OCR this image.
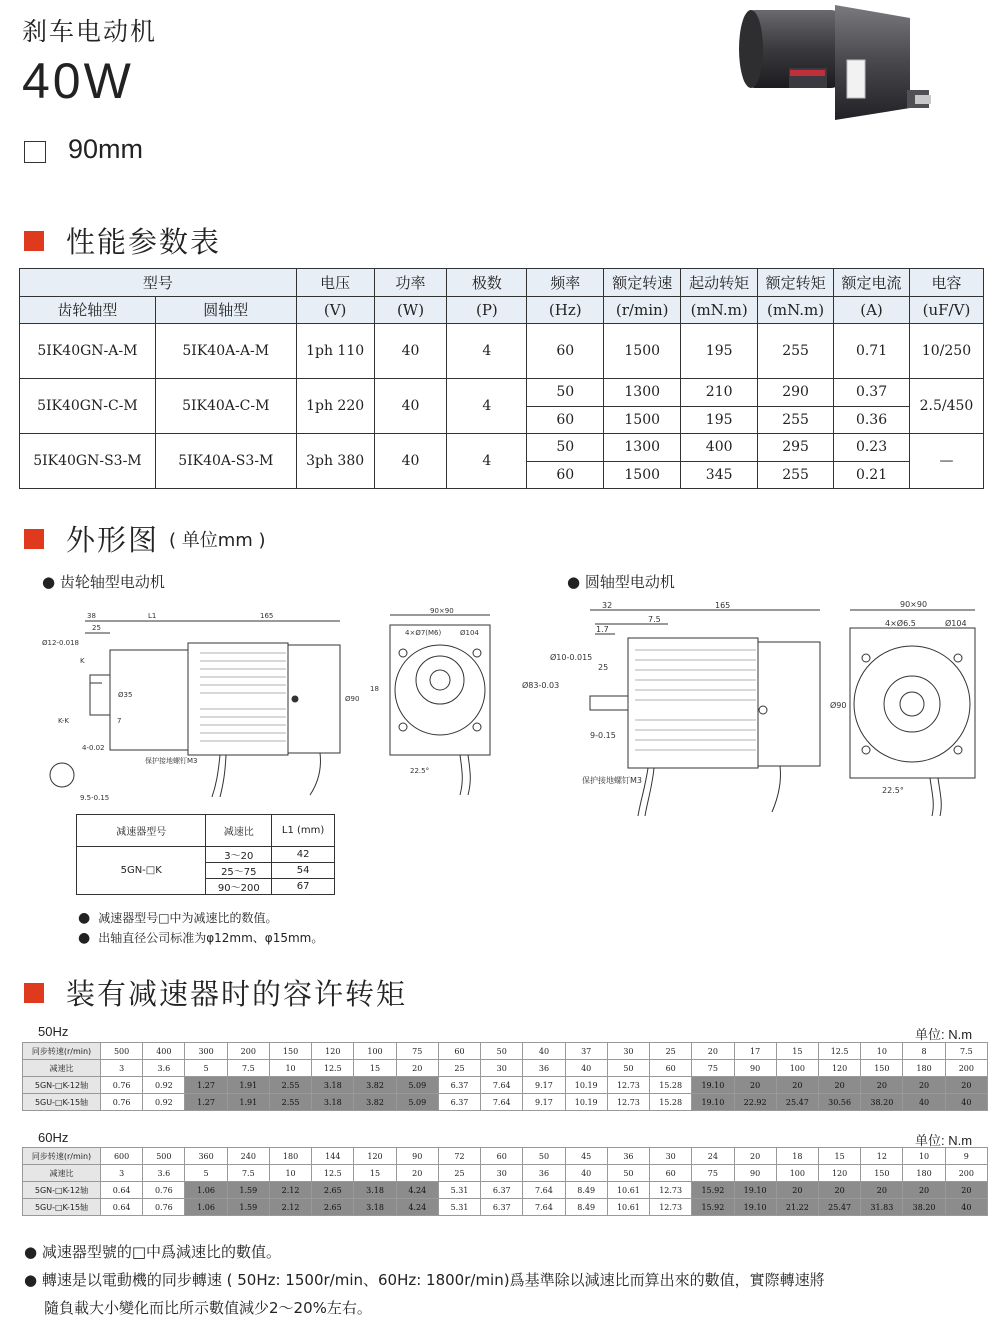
刹车电动机
40W
90mm
性能参数表
型号		电压	功率	极数	频率	额定转速	起动转矩	额定转矩	额定电流	电容
齿轮轴型	圆轴型	(V)	(W)	(P)	(Hz)	(r/min)	(mN.m)	(mN.m)	(A)	(uF/V)
5IK40GN-A-M	5IK40A-A-M	1ph 110	40	4	60	1500	195	255	0.71	10/250
5IK40GN-C-M	5IK40A-C-M	1ph 220	40	4	50	1300	210	290	0.37	2.5/450
					60	1500	195	255	0.36	
5IK40GN-S3-M	5IK40A-S3-M	3ph 380	40	4	50	1300	400	295	0.23	—
					60	1500	345	255	0.21	
外形图 ( 单位mm )
● 齿轮轴型电动机	● 圆轴型电动机
38	L1	165
25
90×90
4×Ø7(M6)	Ø104
Ø35	Ø90
18
22.5°
K-K
K
7
Ø12-0.018
4-0.02
9.5-0.15
保护接地螺钉M3
32	165
7.5
1.7
25
90×90
4×Ø6.5	Ø104
Ø90
22.5°
Ø10-0.015
Ø83-0.03
9-0.15
保护接地螺钉M3
减速器型号	减速比	L1 (mm)
5GN-□K	3～20	42
	25～75	54
	90～200	67
● 减速器型号□中为减速比的数值。
● 出轴直径公司标准为φ12mm、φ15mm。
装有减速器时的容许转矩
50Hz	单位: N.m
同步转速(r/min)	500	400	300	200	150	120	100	75	60	50	40	37	30	25	20	17	15	12.5	10	8	7.5
减速比	3	3.6	5	7.5	10	12.5	15	20	25	30	36	40	50	60	75	90	100	120	150	180	200
5GN-□K-12轴	0.76	0.92	1.27	1.91	2.55	3.18	3.82	5.09	6.37	7.64	9.17	10.19	12.73	15.28	19.10	20	20	20	20	20	20
5GU-□K-15轴	0.76	0.92	1.27	1.91	2.55	3.18	3.82	5.09	6.37	7.64	9.17	10.19	12.73	15.28	19.10	22.92	25.47	30.56	38.20	40	40
60Hz	单位: N.m
同步转速(r/min)	600	500	360	240	180	144	120	90	72	60	50	45	36	30	24	20	18	15	12	10	9
减速比	3	3.6	5	7.5	10	12.5	15	20	25	30	36	40	50	60	75	90	100	120	150	180	200
5GN-□K-12轴	0.64	0.76	1.06	1.59	2.12	2.65	3.18	4.24	5.31	6.37	7.64	8.49	10.61	12.73	15.92	19.10	20	20	20	20	20
5GU-□K-15轴	0.64	0.76	1.06	1.59	2.12	2.65	3.18	4.24	5.31	6.37	7.64	8.49	10.61	12.73	15.92	19.10	21.22	25.47	31.83	38.20	40
● 减速器型號的□中爲減速比的數值。
● 轉速是以電動機的同步轉速 ( 50Hz: 1500r/min、60Hz: 1800r/min)爲基準除以減速比而算出來的數值，實際轉速將
隨負載大小變化而比所示數值減少2～20%左右。
